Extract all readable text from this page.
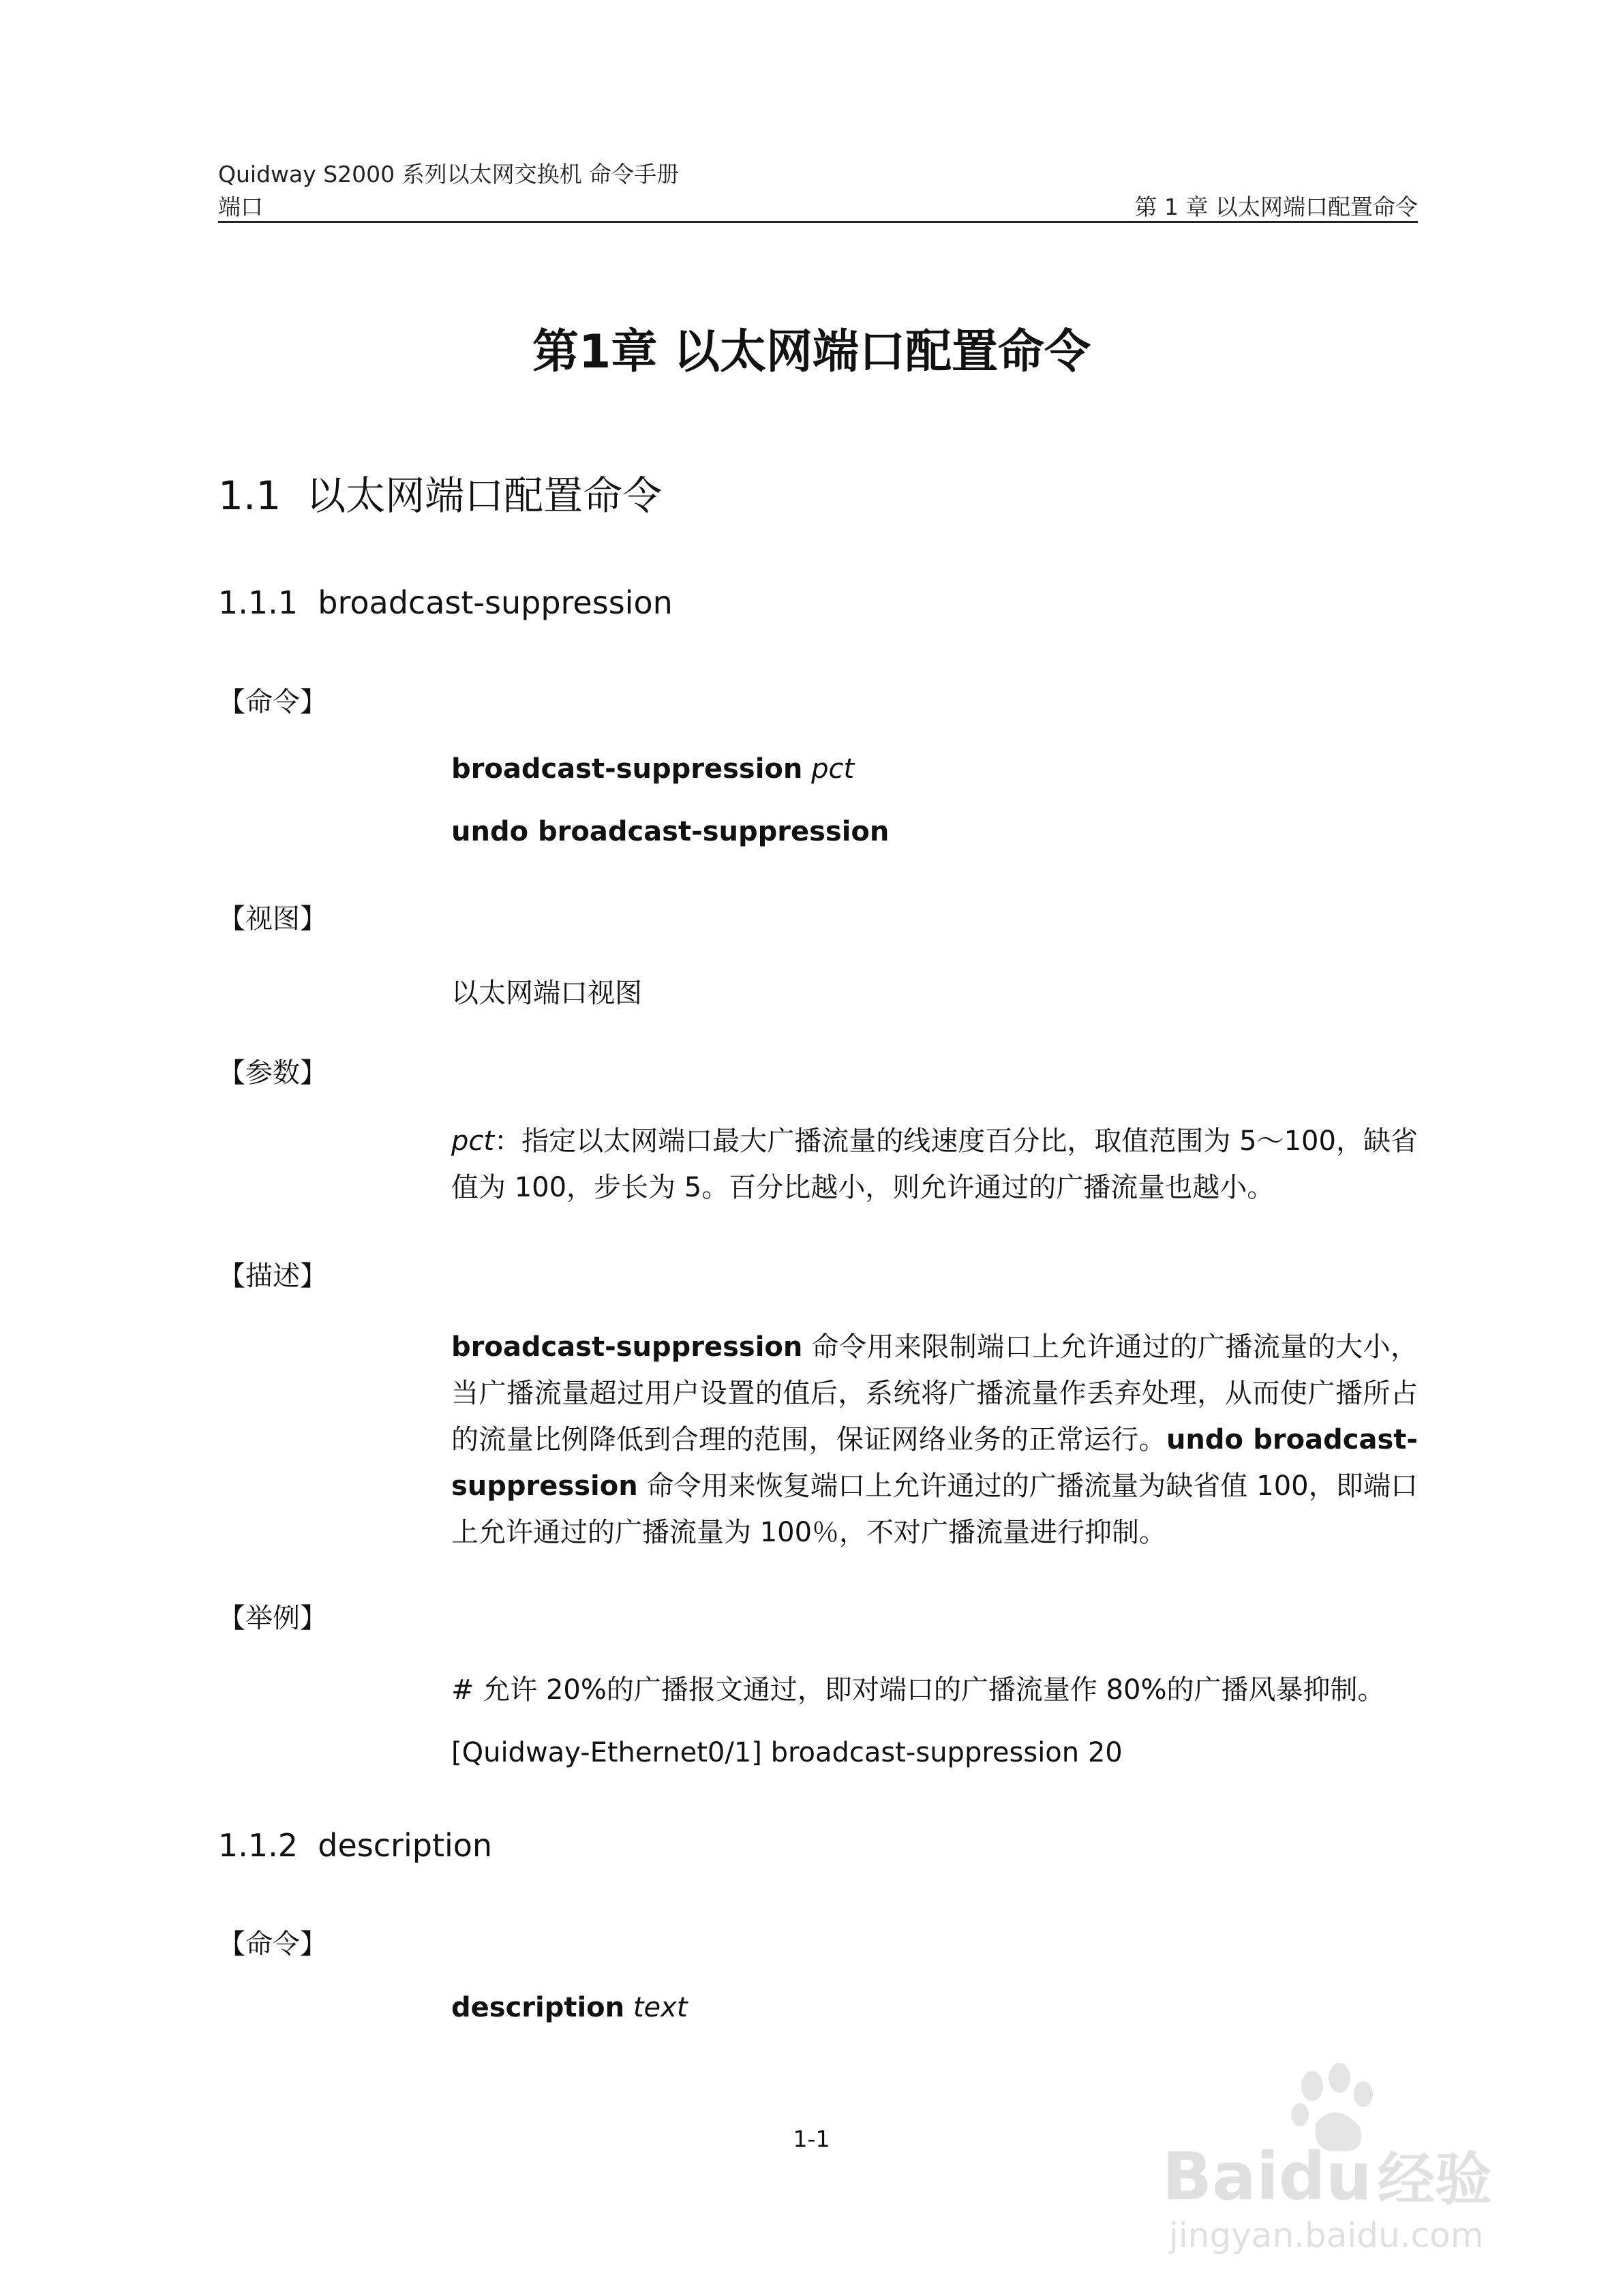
Quidway S2000 系列以太网交换机 命令手册
端口	第 1 章 以太网端口配置命令
第1章 以太网端口配置命令
1.1 以太网端口配置命令
1.1.1 broadcast-suppression
【命令】
broadcast-suppression pct
undo broadcast-suppression
【视图】
以太网端口视图
【参数】
pct：指定以太网端口最大广播流量的线速度百分比，取值范围为 5～100，缺省值为 100，步长为 5。百分比越小，则允许通过的广播流量也越小。
【描述】
broadcast-suppression 命令用来限制端口上允许通过的广播流量的大小，当广播流量超过用户设置的值后，系统将广播流量作丢弃处理，从而使广播所占的流量比例降低到合理的范围，保证网络业务的正常运行。undo broadcast-suppression 命令用来恢复端口上允许通过的广播流量为缺省值 100，即端口上允许通过的广播流量为 100％，不对广播流量进行抑制。
【举例】
# 允许 20%的广播报文通过，即对端口的广播流量作 80%的广播风暴抑制。
[Quidway-Ethernet0/1] broadcast-suppression 20
1.1.2 description
【命令】
description text
1-1	Baidu经验
jingyan.baidu.com
